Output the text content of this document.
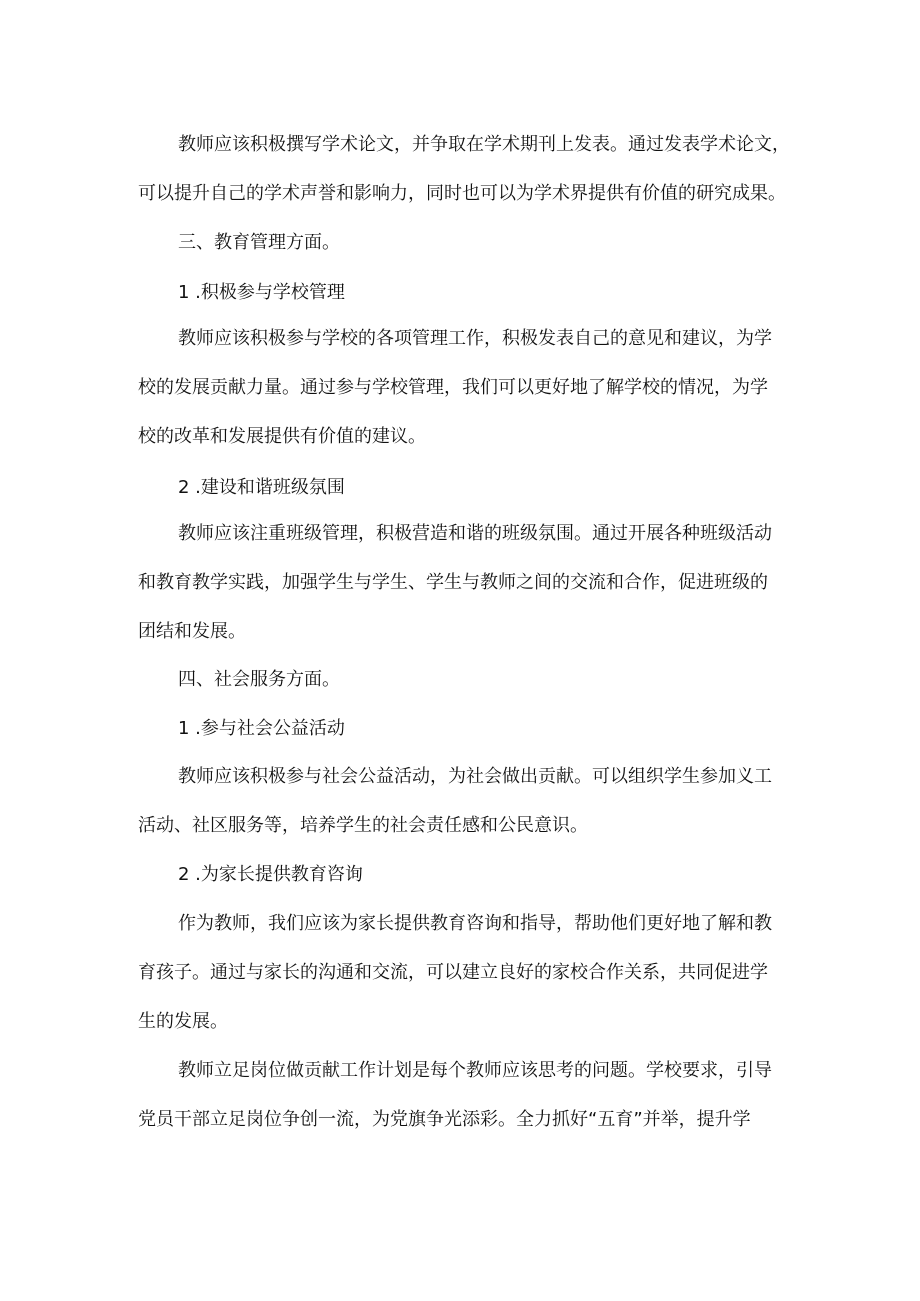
教师应该积极撰写学术论文，并争取在学术期刊上发表。通过发表学术论文，

可以提升自己的学术声誉和影响力，同时也可以为学术界提供有价值的研究成果。

三、教育管理方面。

1 .积极参与学校管理

教师应该积极参与学校的各项管理工作，积极发表自己的意见和建议，为学

校的发展贡献力量。通过参与学校管理，我们可以更好地了解学校的情况，为学

校的改革和发展提供有价值的建议。

2 .建设和谐班级氛围

教师应该注重班级管理，积极营造和谐的班级氛围。通过开展各种班级活动

和教育教学实践，加强学生与学生、学生与教师之间的交流和合作，促进班级的

团结和发展。

四、社会服务方面。

1 .参与社会公益活动

教师应该积极参与社会公益活动，为社会做出贡献。可以组织学生参加义工

活动、社区服务等，培养学生的社会责任感和公民意识。

2 .为家长提供教育咨询

作为教师，我们应该为家长提供教育咨询和指导，帮助他们更好地了解和教

育孩子。通过与家长的沟通和交流，可以建立良好的家校合作关系，共同促进学

生的发展。

教师立足岗位做贡献工作计划是每个教师应该思考的问题。学校要求，引导

党员干部立足岗位争创一流，为党旗争光添彩。全力抓好“五育”并举，提升学
